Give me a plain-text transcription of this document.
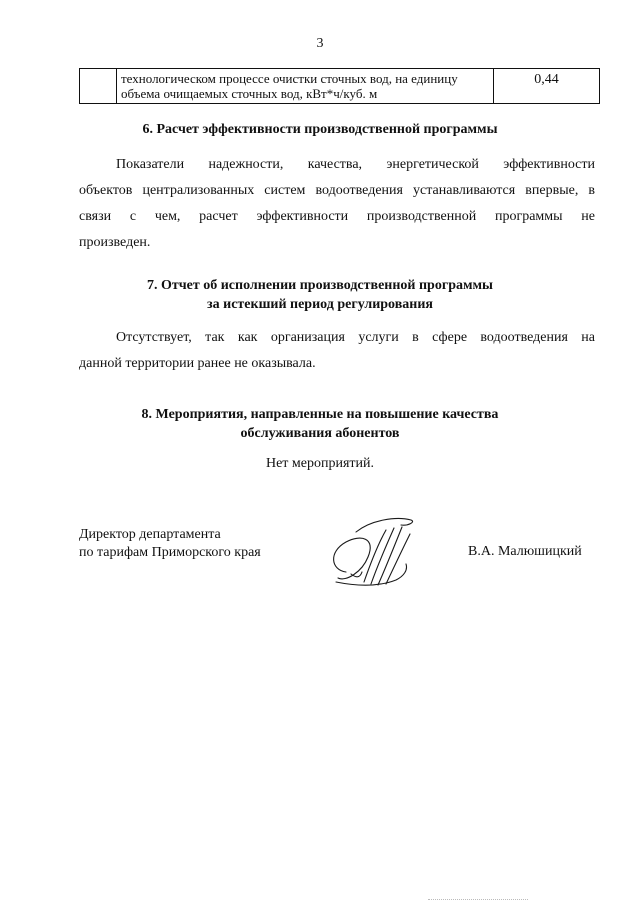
3
технологическом процессе очистки сточных вод, на единицу
объема очищаемых сточных вод, кВт*ч/куб. м
0,44
6. Расчет эффективности производственной программы
Показатели надежности, качества, энергетической эффективности
объектов централизованных систем водоотведения устанавливаются впервые, в
связи с чем, расчет эффективности производственной программы не
произведен.
7. Отчет об исполнении производственной программы
за истекший период регулирования
Отсутствует, так как организация услуги в сфере водоотведения на
данной территории ранее не оказывала.
8. Мероприятия, направленные на повышение качества
обслуживания абонентов
Нет мероприятий.
Директор департамента
по тарифам Приморского края	В.А. Малюшицкий
